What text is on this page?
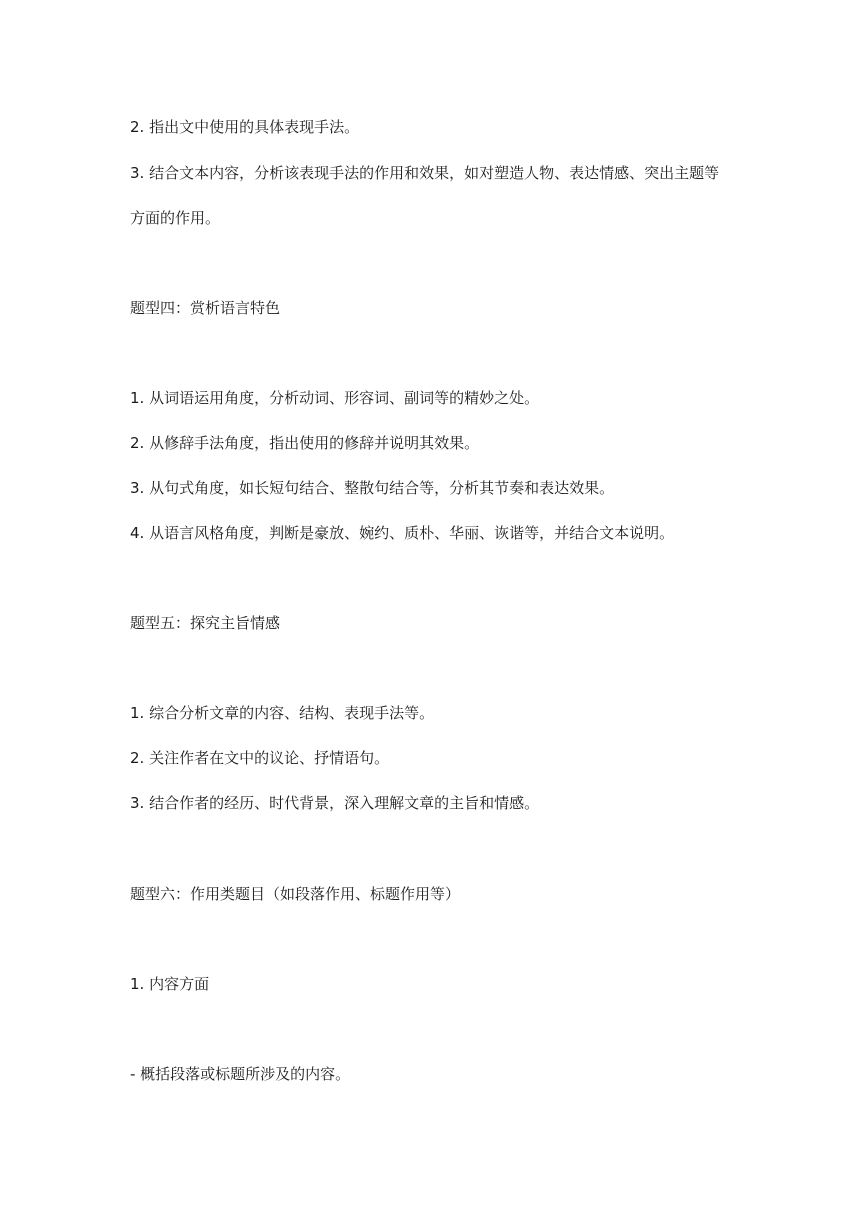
2. 指出文中使用的具体表现手法。
3. 结合文本内容，分析该表现手法的作用和效果，如对塑造人物、表达情感、突出主题等
方面的作用。
题型四：赏析语言特色
1. 从词语运用角度，分析动词、形容词、副词等的精妙之处。
2. 从修辞手法角度，指出使用的修辞并说明其效果。
3. 从句式角度，如长短句结合、整散句结合等，分析其节奏和表达效果。
4. 从语言风格角度，判断是豪放、婉约、质朴、华丽、诙谐等，并结合文本说明。
题型五：探究主旨情感
1. 综合分析文章的内容、结构、表现手法等。
2. 关注作者在文中的议论、抒情语句。
3. 结合作者的经历、时代背景，深入理解文章的主旨和情感。
题型六：作用类题目（如段落作用、标题作用等）
1. 内容方面
- 概括段落或标题所涉及的内容。
